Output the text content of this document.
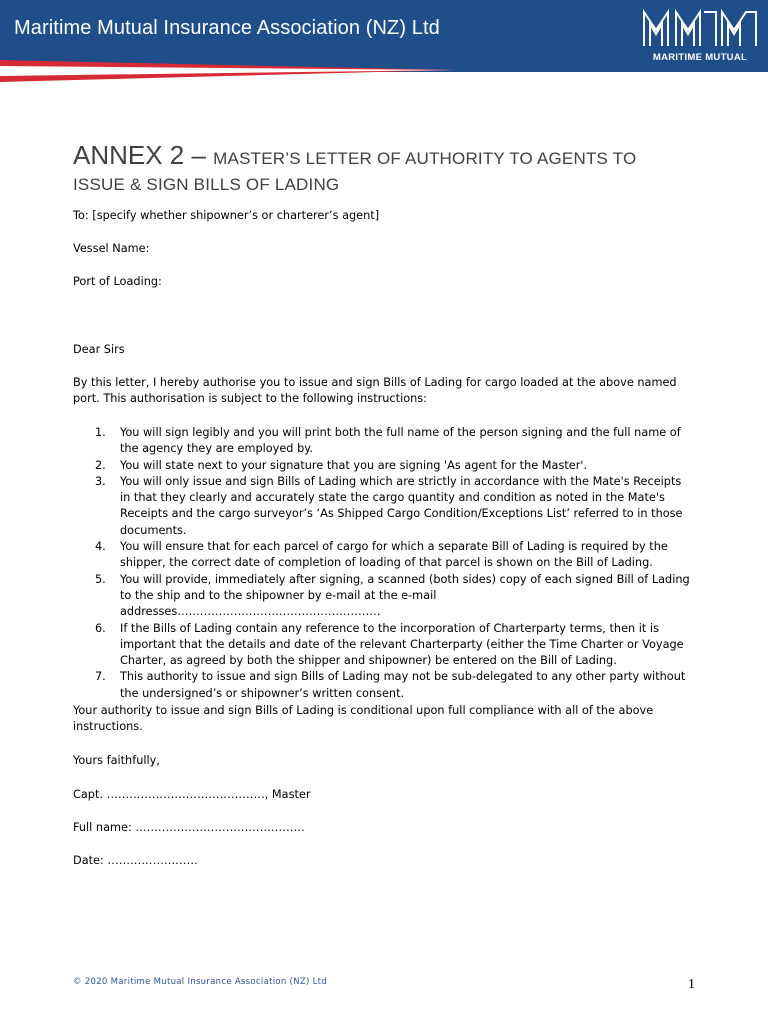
Maritime Mutual Insurance Association (NZ) Ltd
MARITIME MUTUAL
ANNEX 2 – MASTER’S LETTER OF AUTHORITY TO AGENTS TO
ISSUE & SIGN BILLS OF LADING
To: [specify whether shipowner’s or charterer’s agent]
Vessel Name:
Port of Loading:
Dear Sirs
By this letter, I hereby authorise you to issue and sign Bills of Lading for cargo loaded at the above named port. This authorisation is subject to the following instructions:
1. You will sign legibly and you will print both the full name of the person signing and the full name of the agency they are employed by.
2. You will state next to your signature that you are signing 'As agent for the Master'.
3. You will only issue and sign Bills of Lading which are strictly in accordance with the Mate's Receipts in that they clearly and accurately state the cargo quantity and condition as noted in the Mate's Receipts and the cargo surveyor’s ‘As Shipped Cargo Condition/Exceptions List’ referred to in those documents.
4. You will ensure that for each parcel of cargo for which a separate Bill of Lading is required by the shipper, the correct date of completion of loading of that parcel is shown on the Bill of Lading.
5. You will provide, immediately after signing, a scanned (both sides) copy of each signed Bill of Lading to the ship and to the shipowner by e-mail at the e-mail addresses………………………………………………
6. If the Bills of Lading contain any reference to the incorporation of Charterparty terms, then it is important that the details and date of the relevant Charterparty (either the Time Charter or Voyage Charter, as agreed by both the shipper and shipowner) be entered on the Bill of Lading.
7. This authority to issue and sign Bills of Lading may not be sub-delegated to any other party without the undersigned’s or shipowner’s written consent.
Your authority to issue and sign Bills of Lading is conditional upon full compliance with all of the above instructions.
Yours faithfully,
Capt. ……………………………………, Master
Full name: ………………………………………
Date: ……………………
© 2020 Maritime Mutual Insurance Association (NZ) Ltd	1
